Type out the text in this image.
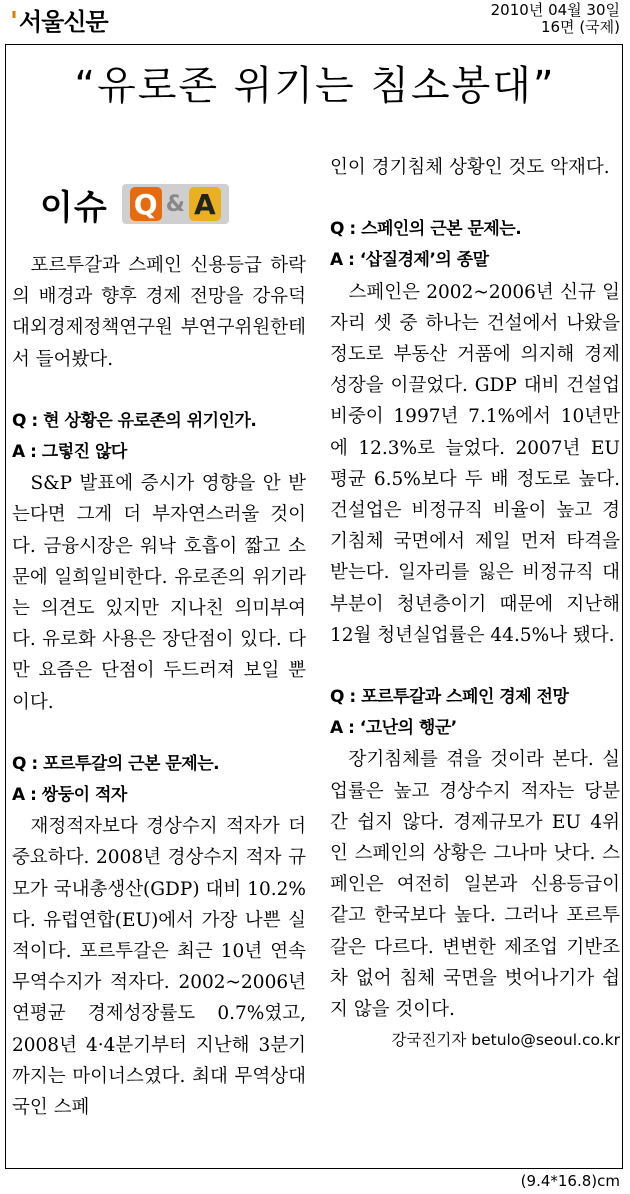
'서울신문	2010년 04월 30일
16면 (국제)
“유로존 위기는 침소봉대”
이슈 Q & A

포르투갈과 스페인 신용등급 하락의 배경과 향후 경제 전망을 강유덕 대외경제정책연구원 부연구위원한테서 들어봤다.

Q : 현 상황은 유로존의 위기인가.

A : 그렇진 않다

S&P 발표에 증시가 영향을 안 받는다면 그게 더 부자연스러울 것이다. 금융시장은 워낙 호흡이 짧고 소문에 일희일비한다. 유로존의 위기라는 의견도 있지만 지나친 의미부여다. 유로화 사용은 장단점이 있다. 다만 요즘은 단점이 두드러져 보일 뿐이다.

Q : 포르투갈의 근본 문제는.

A : 쌍둥이 적자

재정적자보다 경상수지 적자가 더 중요하다. 2008년 경상수지 적자 규모가 국내총생산(GDP) 대비 10.2%다. 유럽연합(EU)에서 가장 나쁜 실적이다. 포르투갈은 최근 10년 연속 무역수지가 적자다. 2002~2006년 연평균 경제성장률도 0.7%였고, 2008년 4·4분기부터 지난해 3분기까지는 마이너스였다. 최대 무역상대국인 스페

인이 경기침체 상황인 것도 악재다.

Q : 스페인의 근본 문제는.

A : ‘삽질경제’의 종말

스페인은 2002~2006년 신규 일자리 셋 중 하나는 건설에서 나왔을 정도로 부동산 거품에 의지해 경제성장을 이끌었다. GDP 대비 건설업 비중이 1997년 7.1%에서 10년만에 12.3%로 늘었다. 2007년 EU 평균 6.5%보다 두 배 정도로 높다. 건설업은 비정규직 비율이 높고 경기침체 국면에서 제일 먼저 타격을 받는다. 일자리를 잃은 비정규직 대부분이 청년층이기 때문에 지난해 12월 청년실업률은 44.5%나 됐다.

Q : 포르투갈과 스페인 경제 전망

A : ‘고난의 행군’

장기침체를 겪을 것이라 본다. 실업률은 높고 경상수지 적자는 당분간 쉽지 않다. 경제규모가 EU 4위인 스페인의 상황은 그나마 낫다. 스페인은 여전히 일본과 신용등급이 같고 한국보다 높다. 그러나 포르투갈은 다르다. 변변한 제조업 기반조차 없어 침체 국면을 벗어나기가 쉽지 않을 것이다.

강국진기자 betulo@seoul.co.kr

(9.4*16.8)cm
